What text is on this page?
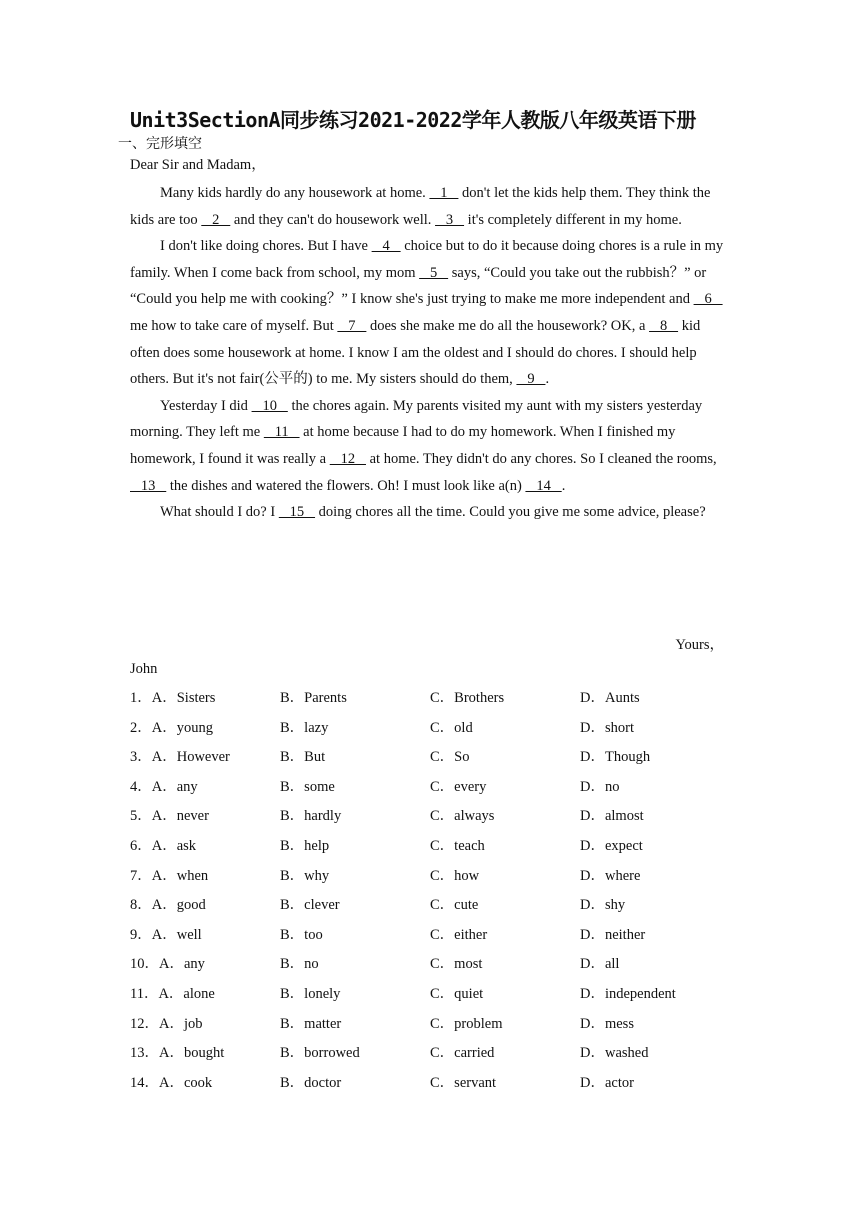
Unit3SectionA同步练习2021-2022学年人教版八年级英语下册
一、完形填空
Dear Sir and Madam，

Many kids hardly do any housework at home.    1    don't let the kids help them. They think the kids are too    2    and they can't do housework well.    3    it's completely different in my home.

I don't like doing chores. But I have    4    choice but to do it because doing chores is a rule in my family. When I come back from school, my mom    5    says, “Could you take out the rubbish？” or “Could you help me with cooking？” I know she's just trying to make me more independent and    6    me how to take care of myself. But    7    does she make me do all the housework? OK, a    8    kid often does some housework at home. I know I am the oldest and I should do chores. I should help others. But it's not fair(公平的) to me. My sisters should do them,    9   .

Yesterday I did    10    the chores again. My parents visited my aunt with my sisters yesterday morning. They left me    11    at home because I had to do my homework. When I finished my homework, I found it was really a    12    at home. They didn't do any chores. So I cleaned the rooms,    13    the dishes and watered the flowers. Oh! I must look like a(n)    14   .

What should I do? I    15    doing chores all the time. Could you give me some advice, please?

Yours，
John
1．A．Sisters	B．Parents	C．Brothers	D．Aunts
2．A．young	B．lazy	C．old	D．short
3．A．However	B．But	C．So	D．Though
4．A．any	B．some	C．every	D．no
5．A．never	B．hardly	C．always	D．almost
6．A．ask	B．help	C．teach	D．expect
7．A．when	B．why	C．how	D．where
8．A．good	B．clever	C．cute	D．shy
9．A．well	B．too	C．either	D．neither
10．A．any	B．no	C．most	D．all
11．A．alone	B．lonely	C．quiet	D．independent
12．A．job	B．matter	C．problem	D．mess
13．A．bought	B．borrowed	C．carried	D．washed
14．A．cook	B．doctor	C．servant	D．actor
